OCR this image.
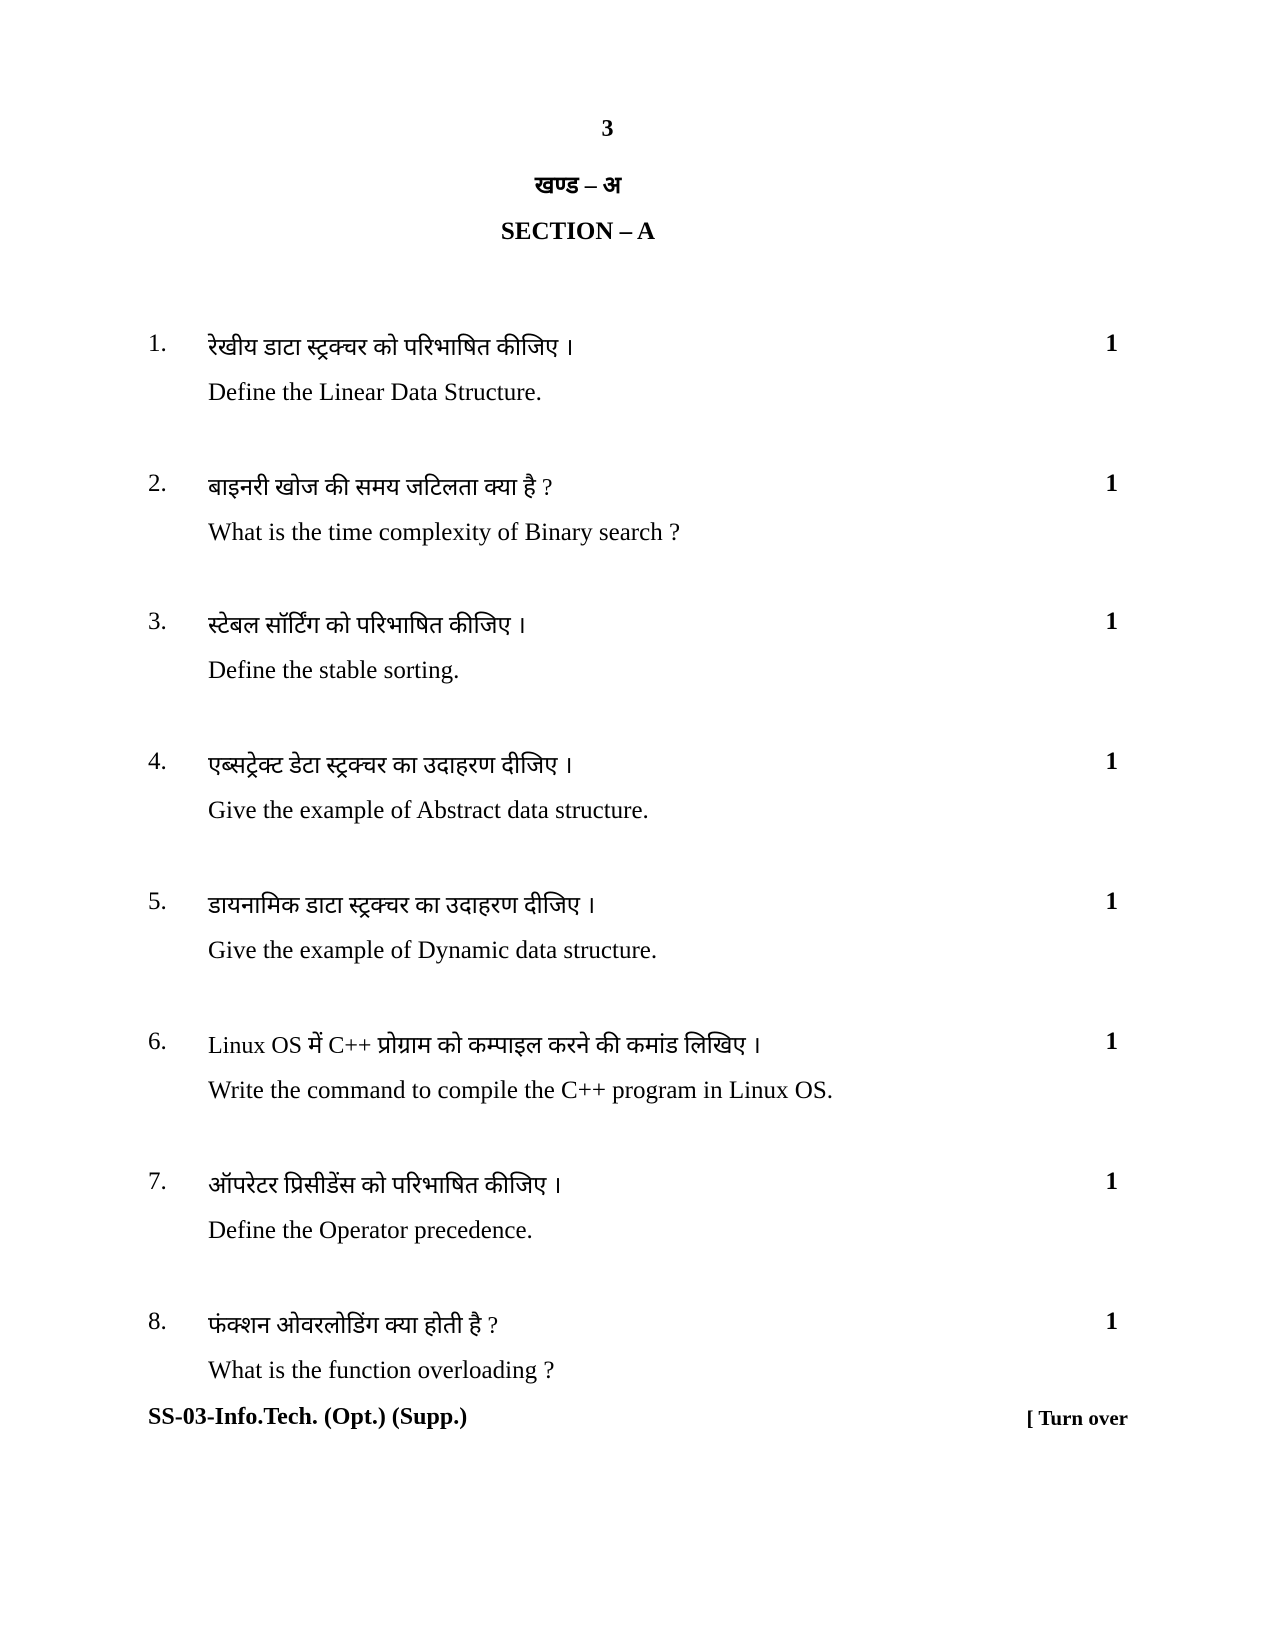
3
खण्ड – अ
SECTION – A
1. रेखीय डाटा स्ट्रक्चर को परिभाषित कीजिए ।
Define the Linear Data Structure.
1
2. बाइनरी खोज की समय जटिलता क्या है ?
What is the time complexity of Binary search ?
1
3. स्टेबल सॉर्टिंग को परिभाषित कीजिए ।
Define the stable sorting.
1
4. एब्सट्रेक्ट डेटा स्ट्रक्चर का उदाहरण दीजिए ।
Give the example of Abstract data structure.
1
5. डायनामिक डाटा स्ट्रक्चर का उदाहरण दीजिए ।
Give the example of Dynamic data structure.
1
6. Linux OS में C++ प्रोग्राम को कम्पाइल करने की कमांड लिखिए ।
Write the command to compile the C++ program in Linux OS.
1
7. ऑपरेटर प्रिसीडेंस को परिभाषित कीजिए ।
Define the Operator precedence.
1
8. फंक्शन ओवरलोडिंग क्या होती है ?
What is the function overloading ?
1
SS-03-Info.Tech. (Opt.) (Supp.)	[ Turn over
